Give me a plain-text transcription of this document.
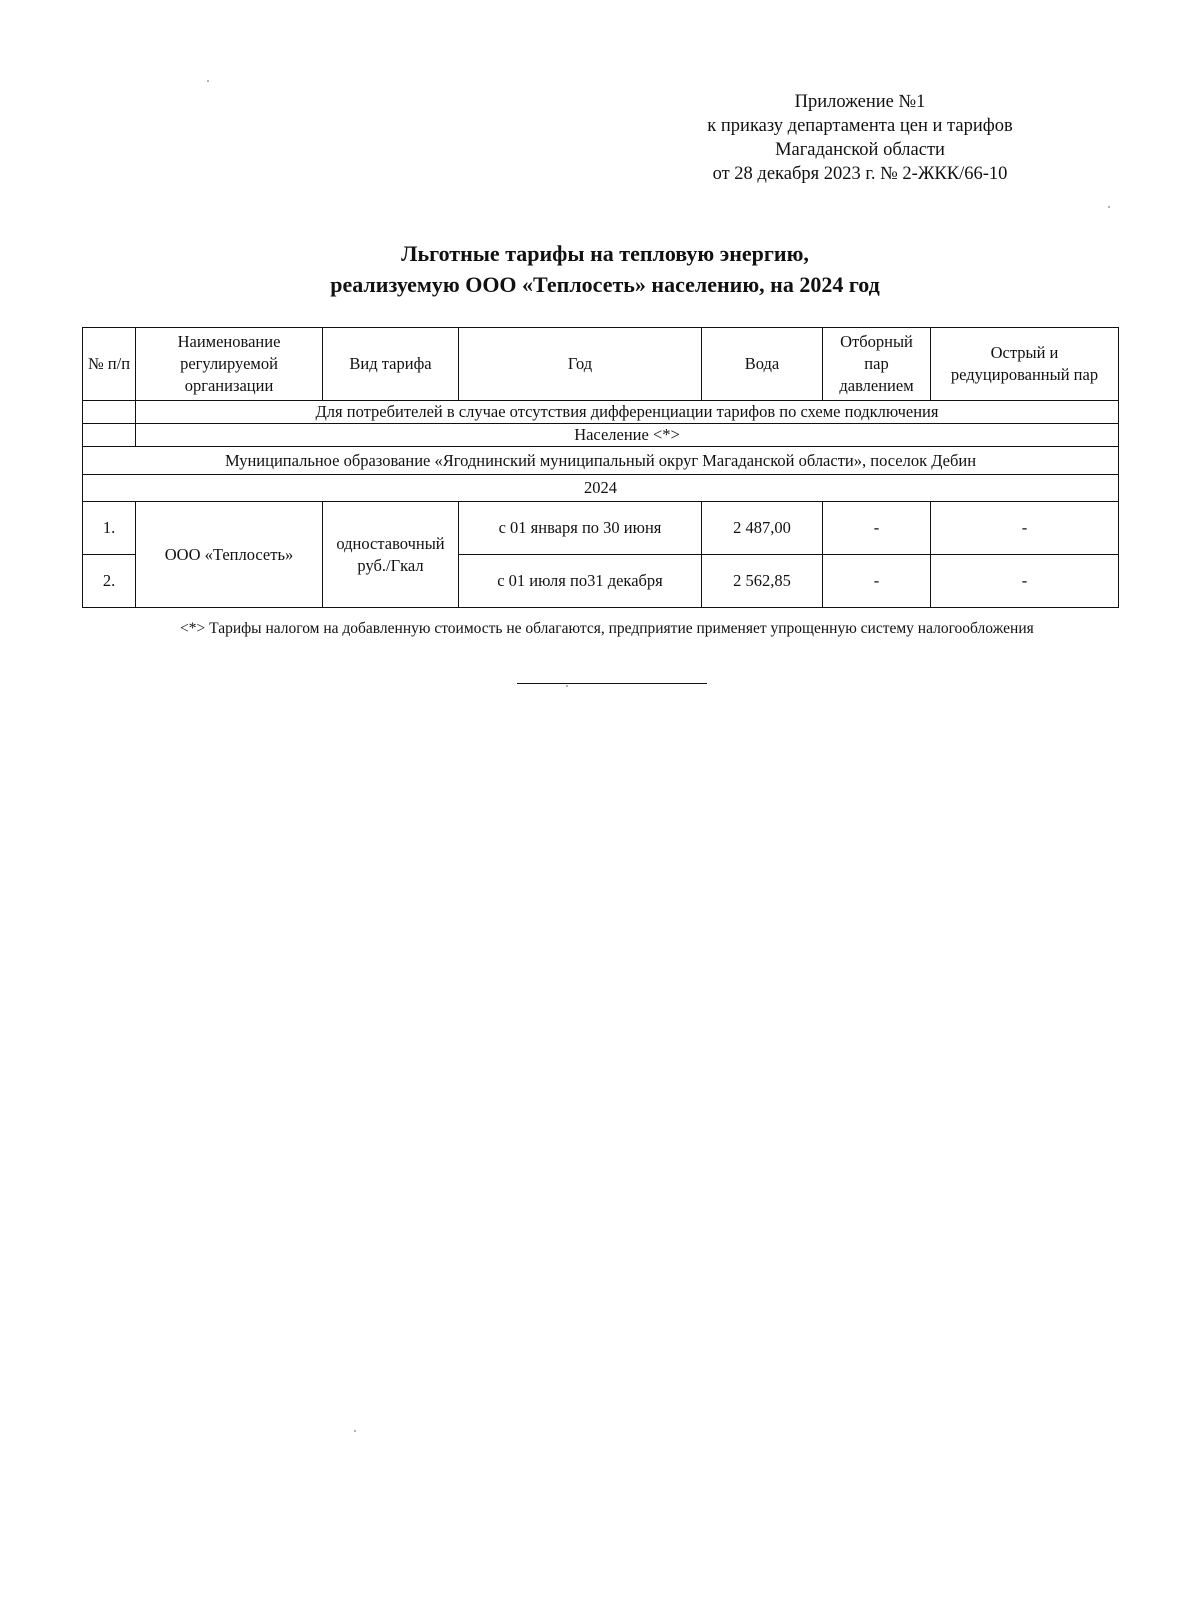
Приложение №1
к приказу департамента цен и тарифов
Магаданской области
от 28 декабря 2023 г. № 2-ЖКК/66-10
Льготные тарифы на тепловую энергию,
реализуемую ООО «Теплосеть» населению, на 2024 год
№ п/п	Наименование регулируемой организации	Вид тарифа	Год	Вода	Отборный пар давлением	Острый и редуцированный пар
	Для потребителей в случае отсутствия дифференциации тарифов по схеме подключения					
	Население <*>					
Муниципальное образование «Ягоднинский муниципальный округ Магаданской области», поселок Дебин						
2024						
1.	ООО «Теплосеть»	одноставочный руб./Гкал	с 01 января по 30 июня	2 487,00	-	-
2.			с 01 июля по31 декабря	2 562,85	-	-
<*> Тарифы налогом на добавленную стоимость не облагаются, предприятие применяет упрощенную систему налогообложения
